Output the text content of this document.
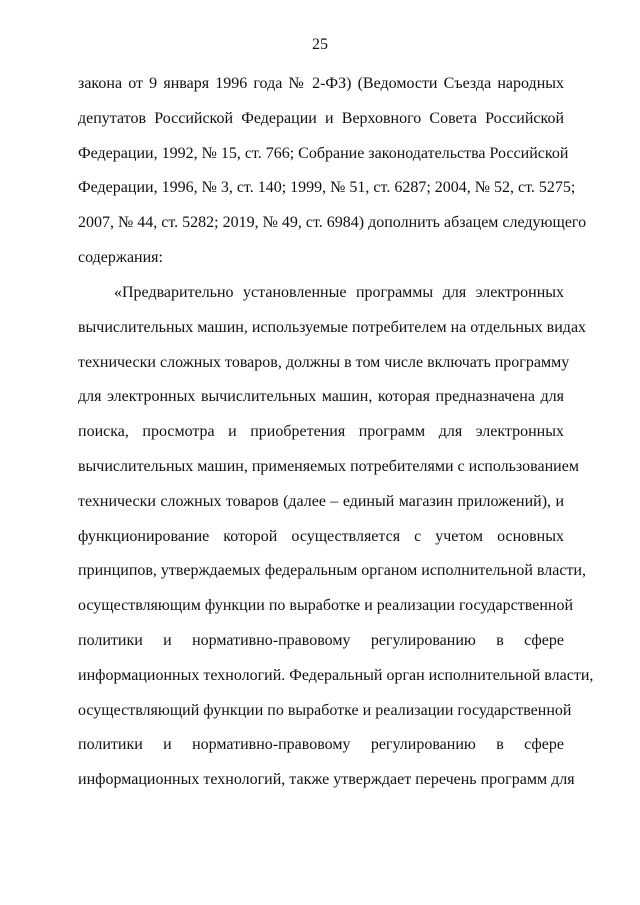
25
закона от 9 января 1996 года № 2-ФЗ) (Ведомости Съезда народных
депутатов Российской Федерации и Верховного Совета Российской
Федерации, 1992, № 15, ст. 766; Собрание законодательства Российской
Федерации, 1996, № 3, ст. 140; 1999, № 51, ст. 6287; 2004, № 52, ст. 5275;
2007, № 44, ст. 5282; 2019, № 49, ст. 6984) дополнить абзацем следующего
содержания:
«Предварительно установленные программы для электронных
вычислительных машин, используемые потребителем на отдельных видах
технически сложных товаров, должны в том числе включать программу
для электронных вычислительных машин, которая предназначена для
поиска, просмотра и приобретения программ для электронных
вычислительных машин, применяемых потребителями с использованием
технически сложных товаров (далее – единый магазин приложений), и
функционирование которой осуществляется с учетом основных
принципов, утверждаемых федеральным органом исполнительной власти,
осуществляющим функции по выработке и реализации государственной
политики и нормативно-правовому регулированию в сфере
информационных технологий. Федеральный орган исполнительной власти,
осуществляющий функции по выработке и реализации государственной
политики и нормативно-правовому регулированию в сфере
информационных технологий, также утверждает перечень программ для
